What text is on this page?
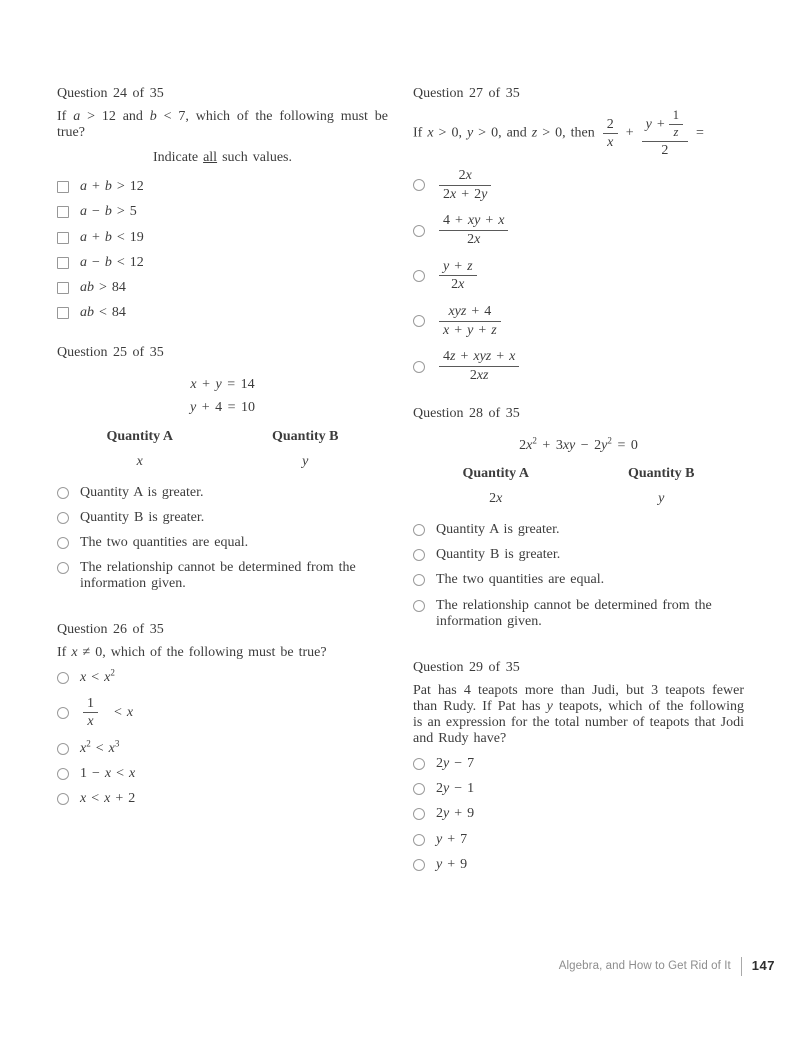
Question 24 of 35

If a > 12 and b < 7, which of the following must be true?

Indicate all such values.

a + b > 12
a − b > 5
a + b < 19
a − b < 12
ab > 84
ab < 84
Question 25 of 35
x + y = 14
y + 4 = 10
Quantity A	Quantity B
x	y
Quantity A is greater.
Quantity B is greater.
The two quantities are equal.
The relationship cannot be determined from the information given.
Question 26 of 35

If x ≠ 0, which of the following must be true?

$x < x^2$
$\frac{1}{x} < x$
$x^2 < x^3$
1 − x < x
x < x + 2
Question 27 of 35
If x > 0, y > 0, and z > 0, then $\frac{2}{x} + \frac{y + \frac{1}{z}}{2}$ =
$\frac{2x}{2x + 2y}$
$\frac{4 + xy + x}{2x}$
$\frac{y + z}{2x}$
$\frac{\text{xyz + 4}}{x + y + z}$
$\frac{\text{4z + xyz + x}}{2xz}$
Question 28 of 35
$2x^2 + 3xy - 2y^2 = 0$
Quantity A	Quantity B
2x	y
Quantity A is greater.
Quantity B is greater.
The two quantities are equal.
The relationship cannot be determined from the information given.
Question 29 of 35

Pat has 4 teapots more than Judi, but 3 teapots fewer than Rudy. If Pat has y teapots, which of the following is an expression for the total number of teapots that Jodi and Rudy have?

2y − 7
2y − 1
2y + 9
y + 7
y + 9
Algebra, and How to Get Rid of It 147
